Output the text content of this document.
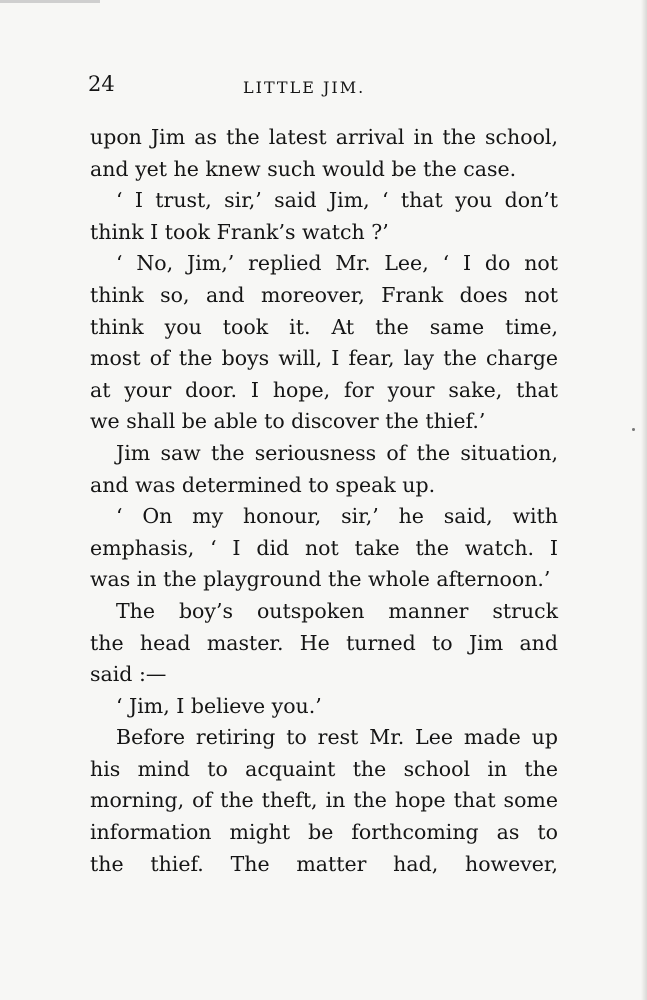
24	LITTLE JIM.
upon Jim as the latest arrival in the school,
and yet he knew such would be the case.
‘ I trust, sir,’ said Jim, ‘ that you don’t
think I took Frank’s watch ?’
‘ No, Jim,’ replied Mr. Lee, ‘ I do not
think so, and moreover, Frank does not
think you took it. At the same time,
most of the boys will, I fear, lay the charge
at your door. I hope, for your sake, that
we shall be able to discover the thief.’
Jim saw the seriousness of the situation,
and was determined to speak up.
‘ On my honour, sir,’ he said, with
emphasis, ‘ I did not take the watch. I
was in the playground the whole afternoon.’
The boy’s outspoken manner struck
the head master. He turned to Jim and
said :—
‘ Jim, I believe you.’
Before retiring to rest Mr. Lee made up
his mind to acquaint the school in the
morning, of the theft, in the hope that some
information might be forthcoming as to
the thief. The matter had, however,
